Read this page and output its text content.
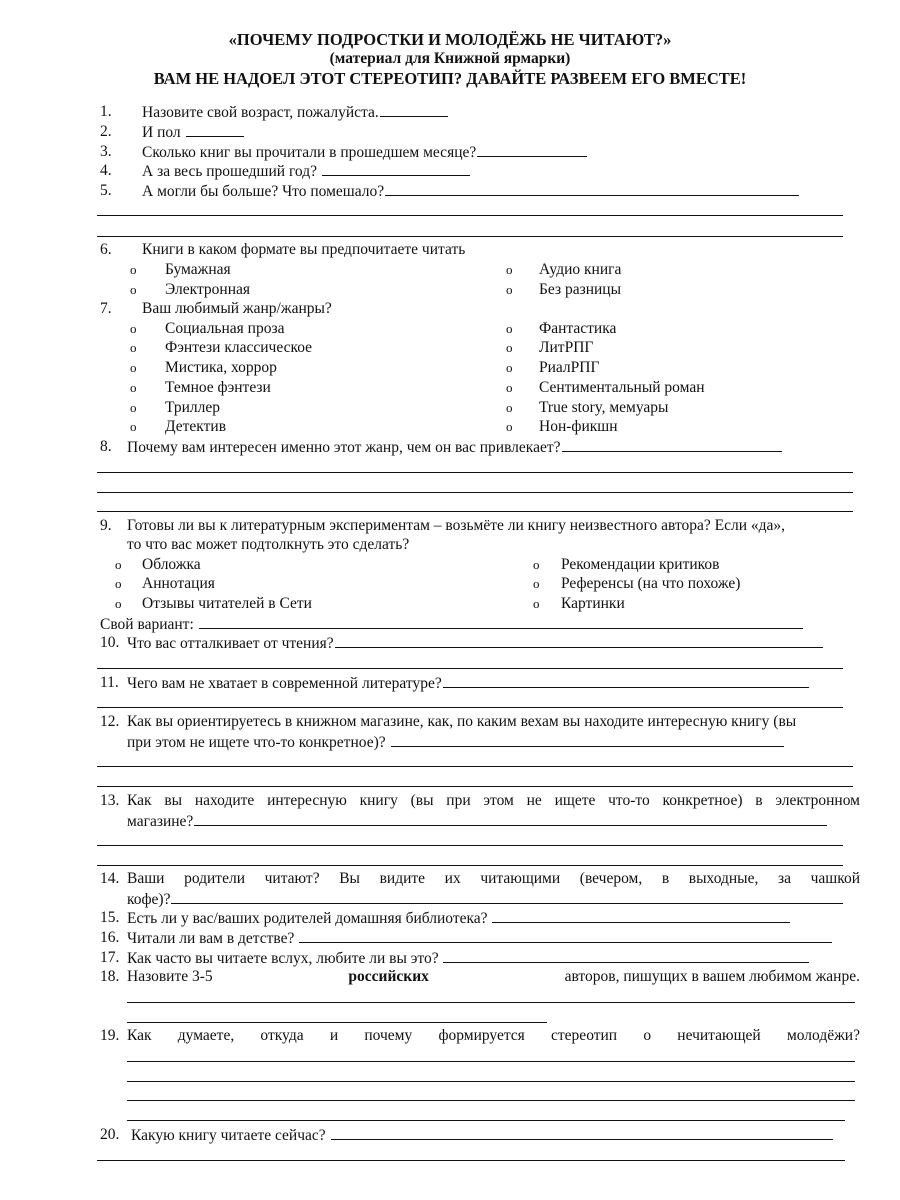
«ПОЧЕМУ ПОДРОСТКИ И МОЛОДЁЖЬ НЕ ЧИТАЮТ?»
(материал для Книжной ярмарки)
ВАМ НЕ НАДОЕЛ ЭТОТ СТЕРЕОТИП? ДАВАЙТЕ РАЗВЕЕМ ЕГО ВМЕСТЕ!
1. Назовите свой возраст, пожалуйста.
2. И пол
3. Сколько книг вы прочитали в прошедшем месяце?
4. А за весь прошедший год?
5. А могли бы больше? Что помешало?
6. Книги в каком формате вы предпочитаете читать
o Бумажная
o Электронная
o Аудио книга
o Без разницы
7. Ваш любимый жанр/жанры?
o Социальная проза
o Фэнтези классическое
o Мистика, хоррор
o Темное фэнтези
o Триллер
o Детектив
o Фантастика
o ЛитРПГ
o РиалРПГ
o Сентиментальный роман
o True story, мемуары
o Нон-фикшн
8. Почему вам интересен именно этот жанр, чем он вас привлекает?
9. Готовы ли вы к литературным экспериментам – возьмёте ли книгу неизвестного автора? Если «да»,
то что вас может подтолкнуть это сделать?
o Обложка
o Аннотация
o Отзывы читателей в Сети
o Рекомендации критиков
o Референсы (на что похоже)
o Картинки
Свой вариант:
10. Что вас отталкивает от чтения?
11. Чего вам не хватает в современной литературе?
12. Как вы ориентируетесь в книжном магазине, как, по каким вехам вы находите интересную книгу (вы
при этом не ищете что-то конкретное)?
13. Как вы находите интересную книгу (вы при этом не ищете что-то конкретное) в электронном
магазине?
14. Ваши родители читают? Вы видите их читающими (вечером, в выходные, за чашкой
кофе)?
15. Есть ли у вас/ваших родителей домашняя библиотека?
16. Читали ли вам в детстве?
17. Как часто вы читаете вслух, любите ли вы это?
18. Назовите 3-5	российских	авторов, пишущих в вашем любимом жанре.
19. Как думаете, откуда и почему формируется стереотип о нечитающей молодёжи?
20. Какую книгу читаете сейчас?
